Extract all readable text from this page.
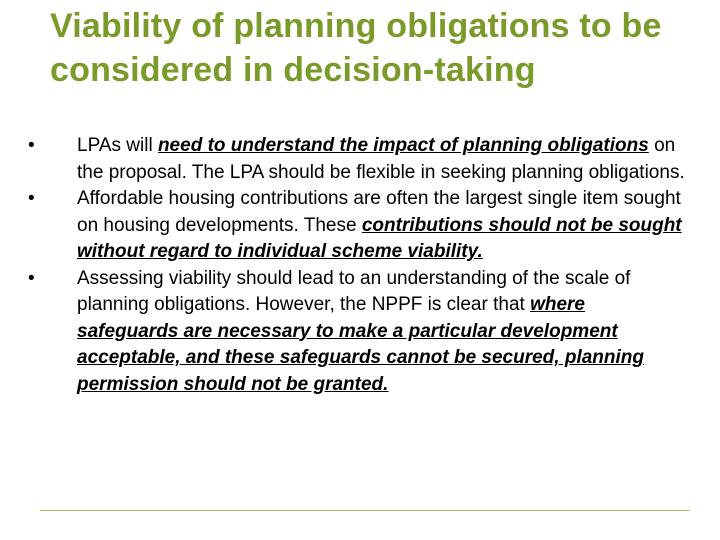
Viability of planning obligations to be considered in decision-taking
•	LPAs will need to understand the impact of planning obligations on the proposal. The LPA should be flexible in seeking planning obligations.
•	Affordable housing contributions are often the largest single item sought on housing developments. These contributions should not be sought without regard to individual scheme viability.
•	Assessing viability should lead to an understanding of the scale of planning obligations. However, the NPPF is clear that where safeguards are necessary to make a particular development acceptable, and these safeguards cannot be secured, planning permission should not be granted.
